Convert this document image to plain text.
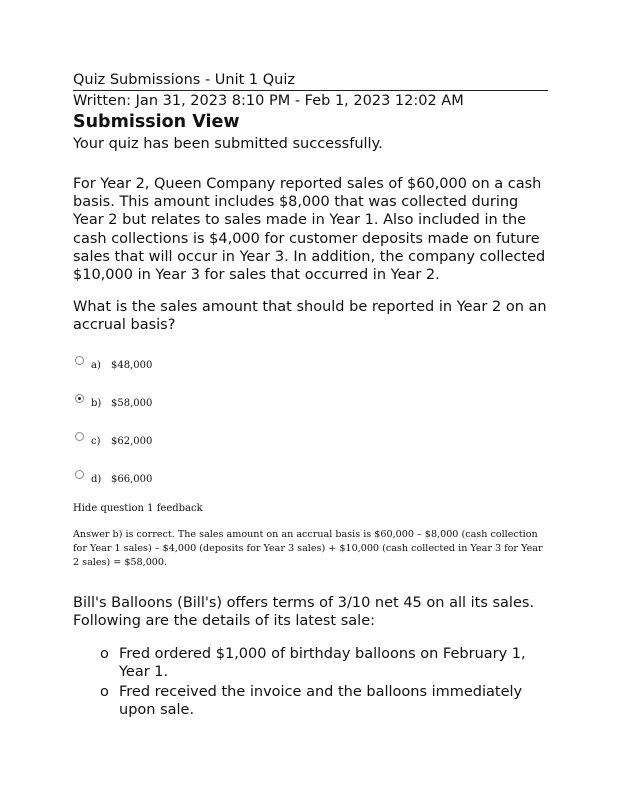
Quiz Submissions - Unit 1 Quiz
Written: Jan 31, 2023 8:10 PM - Feb 1, 2023 12:02 AM
Submission View
Your quiz has been submitted successfully.

For Year 2, Queen Company reported sales of $60,000 on a cash basis. This amount includes $8,000 that was collected during Year 2 but relates to sales made in Year 1. Also included in the cash collections is $4,000 for customer deposits made on future sales that will occur in Year 3. In addition, the company collected $10,000 in Year 3 for sales that occurred in Year 2.

What is the sales amount that should be reported in Year 2 on an accrual basis?

a)	$48,000
b) $58,000
c)	$62,000
d) $66,000
Hide question 1 feedback
Answer b) is correct. The sales amount on an accrual basis is $60,000 – $8,000 (cash collection for Year 1 sales) – $4,000 (deposits for Year 3 sales) + $10,000 (cash collected in Year 3 for Year 2 sales) = $58,000.

Bill's Balloons (Bill's) offers terms of 3/10 net 45 on all its sales. Following are the details of its latest sale:

o Fred ordered $1,000 of birthday balloons on February 1, Year 1.
o Fred received the invoice and the balloons immediately upon sale.
